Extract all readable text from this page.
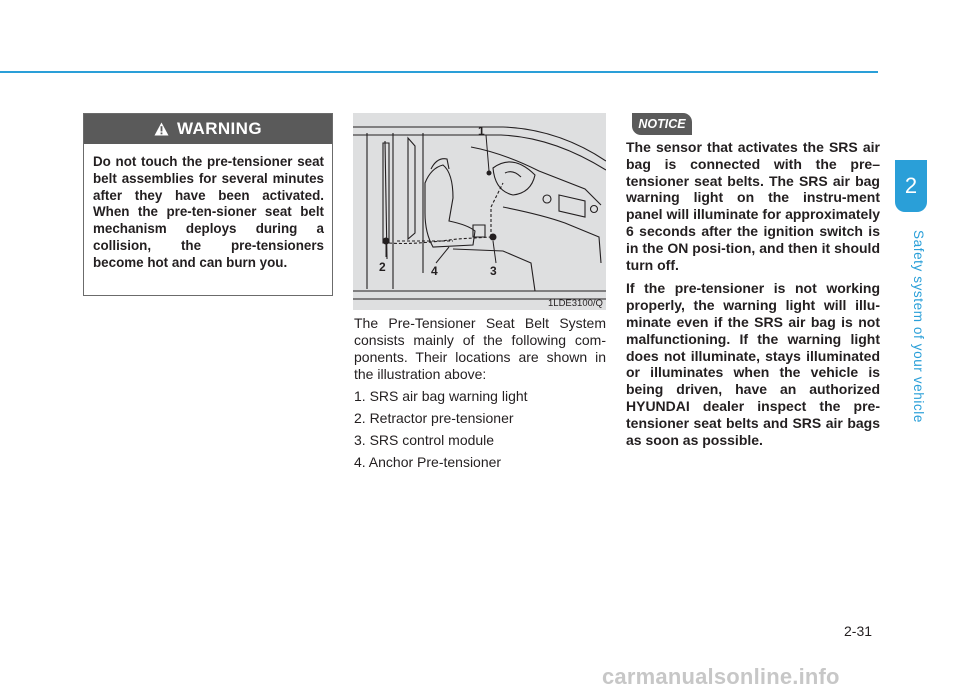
2
Safety system of your vehicle
WARNING
Do not touch the pre-tensioner seat belt assemblies for several minutes after they have been activated. When the pre-ten-sioner seat belt mechanism deploys during a collision, the pre-tensioners become hot and can burn you.
1
2	4	3
1LDE3100/Q

The Pre-Tensioner Seat Belt System consists mainly of the following com-ponents. Their locations are shown in the illustration above:

1. SRS air bag warning light
2. Retractor pre-tensioner
3. SRS control module
4. Anchor Pre-tensioner
NOTICE

The sensor that activates the SRS air bag is connected with the pre–tensioner seat belts. The SRS air bag warning light on the instru-ment panel will illuminate for approximately 6 seconds after the ignition switch is in the ON posi-tion, and then it should turn off.

If the pre-tensioner is not working properly, the warning light will illu-minate even if the SRS air bag is not malfunctioning. If the warning light does not illuminate, stays illuminated or illuminates when the vehicle is being driven, have an authorized HYUNDAI dealer inspect the pre-tensioner seat belts and SRS air bags as soon as possible.

2-31
carmanualsonline.info
